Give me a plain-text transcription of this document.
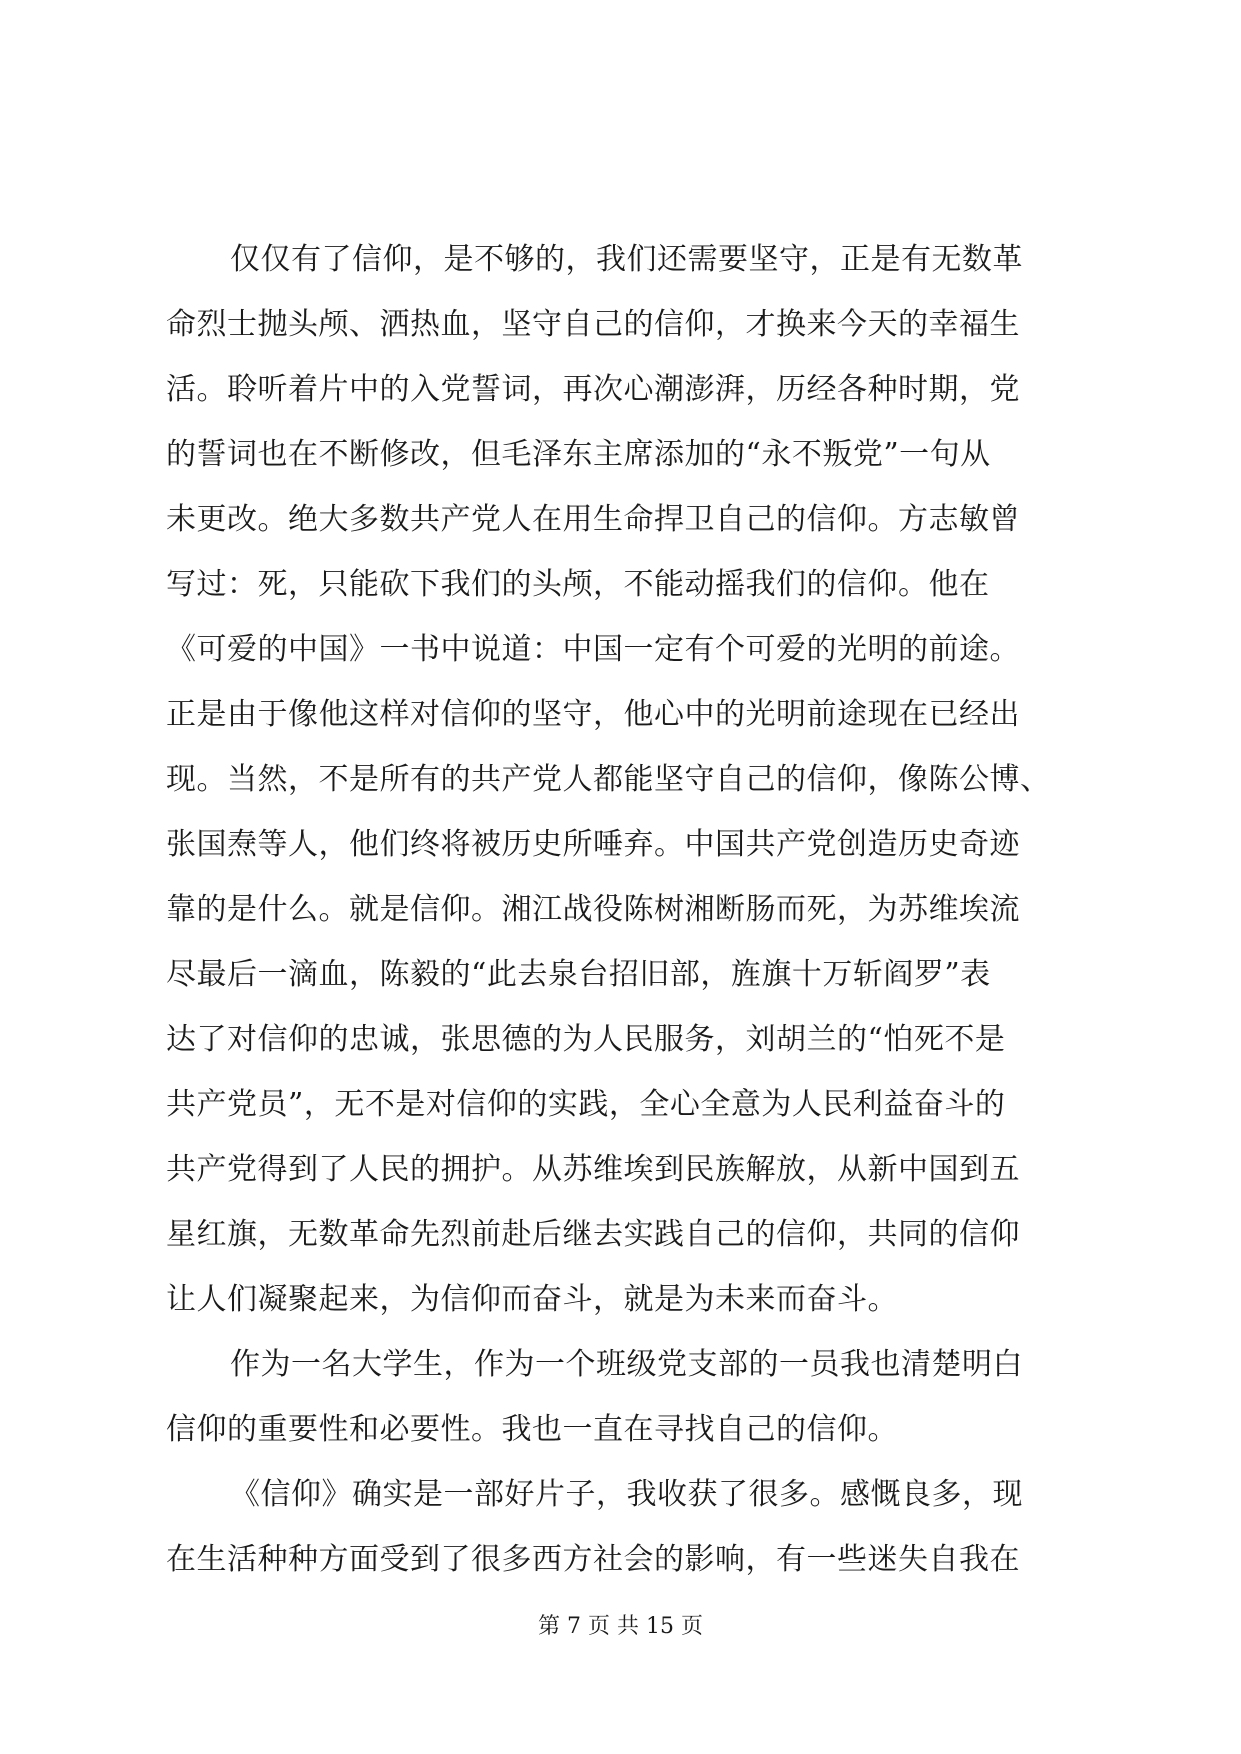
仅仅有了信仰，是不够的，我们还需要坚守，正是有无数革
命烈士抛头颅、洒热血，坚守自己的信仰，才换来今天的幸福生
活。聆听着片中的入党誓词，再次心潮澎湃，历经各种时期，党
的誓词也在不断修改，但毛泽东主席添加的“永不叛党”一句从
未更改。绝大多数共产党人在用生命捍卫自己的信仰。方志敏曾
写过：死，只能砍下我们的头颅，不能动摇我们的信仰。他在
《可爱的中国》一书中说道：中国一定有个可爱的光明的前途。
正是由于像他这样对信仰的坚守，他心中的光明前途现在已经出
现。当然，不是所有的共产党人都能坚守自己的信仰，像陈公博、
张国焘等人，他们终将被历史所唾弃。中国共产党创造历史奇迹
靠的是什么。就是信仰。湘江战役陈树湘断肠而死，为苏维埃流
尽最后一滴血，陈毅的“此去泉台招旧部，旌旗十万斩阎罗”表
达了对信仰的忠诚，张思德的为人民服务，刘胡兰的“怕死不是
共产党员”，无不是对信仰的实践，全心全意为人民利益奋斗的
共产党得到了人民的拥护。从苏维埃到民族解放，从新中国到五
星红旗，无数革命先烈前赴后继去实践自己的信仰，共同的信仰
让人们凝聚起来，为信仰而奋斗，就是为未来而奋斗。
作为一名大学生，作为一个班级党支部的一员我也清楚明白
信仰的重要性和必要性。我也一直在寻找自己的信仰。
《信仰》确实是一部好片子，我收获了很多。感慨良多，现
在生活种种方面受到了很多西方社会的影响，有一些迷失自我在
第 7 页 共 15 页
